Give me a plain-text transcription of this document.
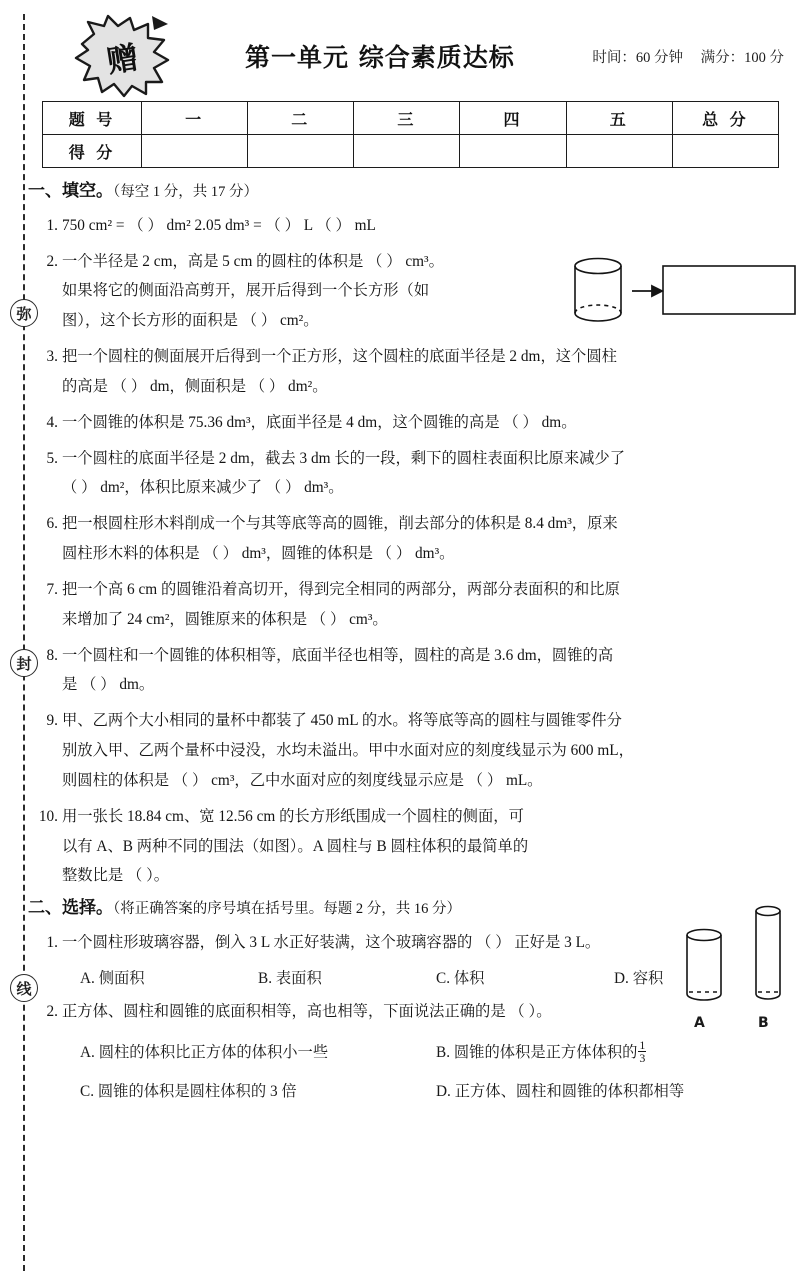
弥
封
线
赠	第一单元 综合素质达标	时间：60 分钟 满分：100 分
题 号	一	二	三	四	五	总 分
得 分						
一、填空。（每空 1 分，共 17 分）
1. 750 cm² = （ ） dm² 2.05 dm³ = （ ） L （ ） mL

2. 一个半径是 2 cm，高是 5 cm 的圆柱的体积是 （ ） cm³。

如果将它的侧面沿高剪开，展开后得到一个长方形（如

图），这个长方形的面积是 （ ） cm²。

3. 把一个圆柱的侧面展开后得到一个正方形，这个圆柱的底面半径是 2 dm，这个圆柱

的高是 （ ） dm，侧面积是 （ ） dm²。

4. 一个圆锥的体积是 75.36 dm³，底面半径是 4 dm，这个圆锥的高是 （ ） dm。

5. 一个圆柱的底面半径是 2 dm，截去 3 dm 长的一段，剩下的圆柱表面积比原来减少了

（ ） dm²，体积比原来减少了 （ ） dm³。

6. 把一根圆柱形木料削成一个与其等底等高的圆锥，削去部分的体积是 8.4 dm³，原来

圆柱形木料的体积是 （ ） dm³，圆锥的体积是 （ ） dm³。

7. 把一个高 6 cm 的圆锥沿着高切开，得到完全相同的两部分，两部分表面积的和比原

来增加了 24 cm²，圆锥原来的体积是 （ ） cm³。

8. 一个圆柱和一个圆锥的体积相等，底面半径也相等，圆柱的高是 3.6 dm，圆锥的高

是 （ ） dm。

9. 甲、乙两个大小相同的量杯中都装了 450 mL 的水。将等底等高的圆柱与圆锥零件分

别放入甲、乙两个量杯中浸没，水均未溢出。甲中水面对应的刻度线显示为 600 mL，

则圆柱的体积是 （ ） cm³，乙中水面对应的刻度线显示应是 （ ） mL。

10. 用一张长 18.84 cm、宽 12.56 cm 的长方形纸围成一个圆柱的侧面，可

以有 A、B 两种不同的围法（如图）。A 圆柱与 B 圆柱体积的最简单的

整数比是 （ ）。

二、选择。（将正确答案的序号填在括号里。每题 2 分，共 16 分）
1. 一个圆柱形玻璃容器，倒入 3 L 水正好装满，这个玻璃容器的 （ ） 正好是 3 L。

A. 侧面积	B. 表面积	C. 体积	D. 容积
2. 正方体、圆柱和圆锥的底面积相等，高也相等，下面说法正确的是 （ ）。

A. 圆柱的体积比正方体的体积小一些	B. 圆锥的体积是正方体体积的 $\frac{1}{3}$
C. 圆锥的体积是圆柱体积的 3 倍	D. 正方体、圆柱和圆锥的体积都相等
A	B
